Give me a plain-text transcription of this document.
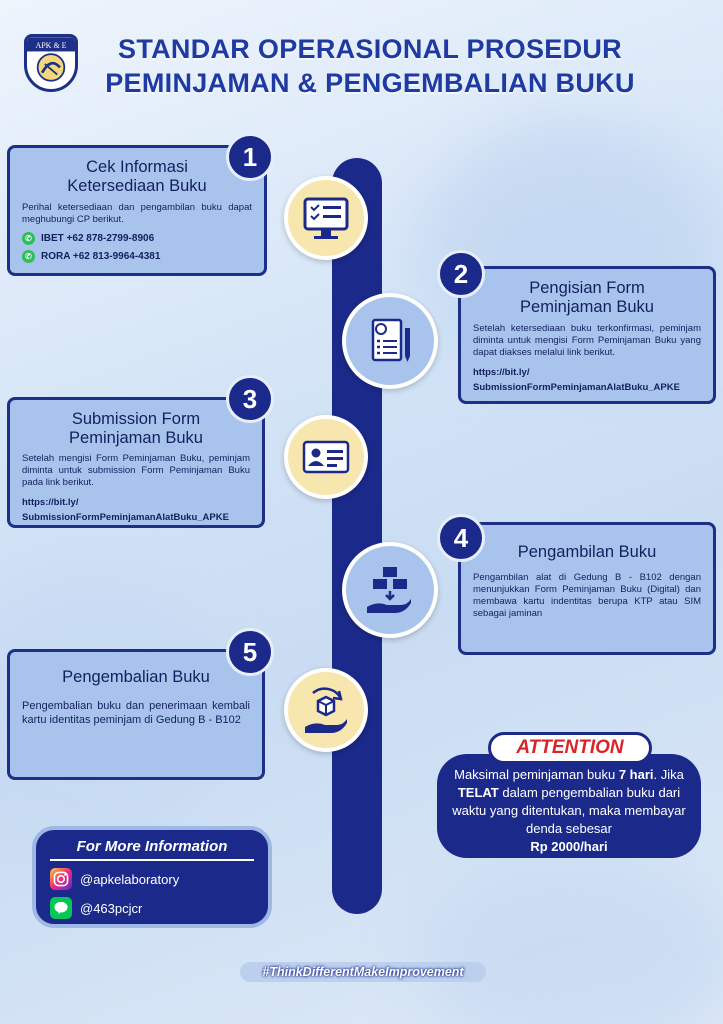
APK & E	STANDAR OPERASIONAL PROSEDUR
PEMINJAMAN & PENGEMBALIAN BUKU
Cek Informasi
Ketersediaan Buku

Perihal ketersediaan dan pengambilan buku dapat meghubungi CP berikut.

✆ IBET +62 878-2799-8906
✆ RORA +62 813-9964-4381
1
Pengisian Form
Peminjaman Buku

Setelah ketersediaan buku terkonfirmasi, peminjam diminta untuk mengisi Form Peminjaman Buku yang dapat diakses melalui link berikut.

https://bit.ly/
SubmissionFormPeminjamanAlatBuku_APKE
2
Submission Form
Peminjaman Buku

Setelah mengisi Form Peminjaman Buku, peminjam diminta untuk submission Form Peminjaman Buku pada link berikut.

https://bit.ly/
SubmissionFormPeminjamanAlatBuku_APKE
3
Pengambilan Buku

Pengambilan alat di Gedung B - B102 dengan menunjukkan Form Peminjaman Buku (Digital) dan membawa kartu indentitas berupa KTP atau SIM sebagai jaminan

4
Pengembalian Buku

Pengembalian buku dan penerimaan kembali kartu identitas peminjam di Gedung B - B102

5
ATTENTION
Maksimal peminjaman buku 7 hari. Jika TELAT dalam pengembalian buku dari waktu yang ditentukan, maka membayar denda sebesar
Rp 2000/hari
For More Information
@apkelaboratory
@463pcjcr
#ThinkDifferentMakeImprovement
